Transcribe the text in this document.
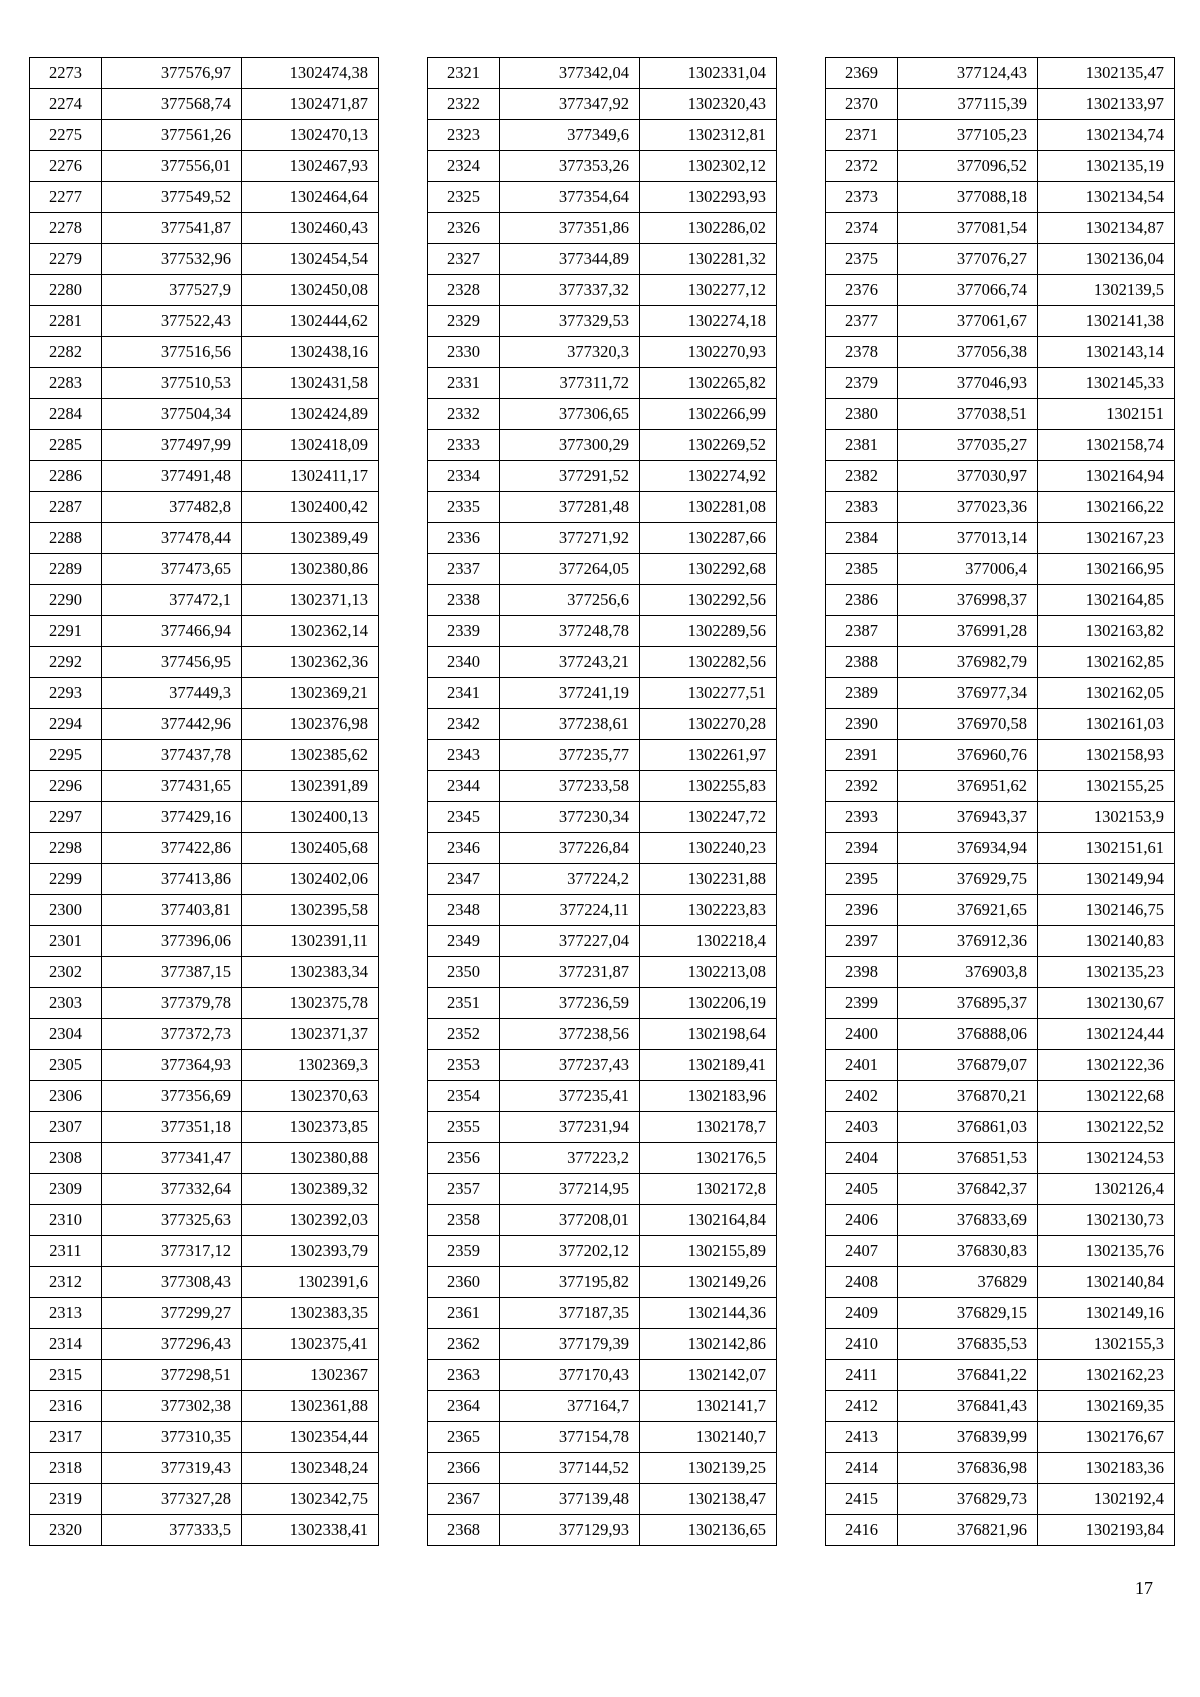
2273	377576,97	1302474,38
2274	377568,74	1302471,87
2275	377561,26	1302470,13
2276	377556,01	1302467,93
2277	377549,52	1302464,64
2278	377541,87	1302460,43
2279	377532,96	1302454,54
2280	377527,9	1302450,08
2281	377522,43	1302444,62
2282	377516,56	1302438,16
2283	377510,53	1302431,58
2284	377504,34	1302424,89
2285	377497,99	1302418,09
2286	377491,48	1302411,17
2287	377482,8	1302400,42
2288	377478,44	1302389,49
2289	377473,65	1302380,86
2290	377472,1	1302371,13
2291	377466,94	1302362,14
2292	377456,95	1302362,36
2293	377449,3	1302369,21
2294	377442,96	1302376,98
2295	377437,78	1302385,62
2296	377431,65	1302391,89
2297	377429,16	1302400,13
2298	377422,86	1302405,68
2299	377413,86	1302402,06
2300	377403,81	1302395,58
2301	377396,06	1302391,11
2302	377387,15	1302383,34
2303	377379,78	1302375,78
2304	377372,73	1302371,37
2305	377364,93	1302369,3
2306	377356,69	1302370,63
2307	377351,18	1302373,85
2308	377341,47	1302380,88
2309	377332,64	1302389,32
2310	377325,63	1302392,03
2311	377317,12	1302393,79
2312	377308,43	1302391,6
2313	377299,27	1302383,35
2314	377296,43	1302375,41
2315	377298,51	1302367
2316	377302,38	1302361,88
2317	377310,35	1302354,44
2318	377319,43	1302348,24
2319	377327,28	1302342,75
2320	377333,5	1302338,41
2321	377342,04	1302331,04
2322	377347,92	1302320,43
2323	377349,6	1302312,81
2324	377353,26	1302302,12
2325	377354,64	1302293,93
2326	377351,86	1302286,02
2327	377344,89	1302281,32
2328	377337,32	1302277,12
2329	377329,53	1302274,18
2330	377320,3	1302270,93
2331	377311,72	1302265,82
2332	377306,65	1302266,99
2333	377300,29	1302269,52
2334	377291,52	1302274,92
2335	377281,48	1302281,08
2336	377271,92	1302287,66
2337	377264,05	1302292,68
2338	377256,6	1302292,56
2339	377248,78	1302289,56
2340	377243,21	1302282,56
2341	377241,19	1302277,51
2342	377238,61	1302270,28
2343	377235,77	1302261,97
2344	377233,58	1302255,83
2345	377230,34	1302247,72
2346	377226,84	1302240,23
2347	377224,2	1302231,88
2348	377224,11	1302223,83
2349	377227,04	1302218,4
2350	377231,87	1302213,08
2351	377236,59	1302206,19
2352	377238,56	1302198,64
2353	377237,43	1302189,41
2354	377235,41	1302183,96
2355	377231,94	1302178,7
2356	377223,2	1302176,5
2357	377214,95	1302172,8
2358	377208,01	1302164,84
2359	377202,12	1302155,89
2360	377195,82	1302149,26
2361	377187,35	1302144,36
2362	377179,39	1302142,86
2363	377170,43	1302142,07
2364	377164,7	1302141,7
2365	377154,78	1302140,7
2366	377144,52	1302139,25
2367	377139,48	1302138,47
2368	377129,93	1302136,65
2369	377124,43	1302135,47
2370	377115,39	1302133,97
2371	377105,23	1302134,74
2372	377096,52	1302135,19
2373	377088,18	1302134,54
2374	377081,54	1302134,87
2375	377076,27	1302136,04
2376	377066,74	1302139,5
2377	377061,67	1302141,38
2378	377056,38	1302143,14
2379	377046,93	1302145,33
2380	377038,51	1302151
2381	377035,27	1302158,74
2382	377030,97	1302164,94
2383	377023,36	1302166,22
2384	377013,14	1302167,23
2385	377006,4	1302166,95
2386	376998,37	1302164,85
2387	376991,28	1302163,82
2388	376982,79	1302162,85
2389	376977,34	1302162,05
2390	376970,58	1302161,03
2391	376960,76	1302158,93
2392	376951,62	1302155,25
2393	376943,37	1302153,9
2394	376934,94	1302151,61
2395	376929,75	1302149,94
2396	376921,65	1302146,75
2397	376912,36	1302140,83
2398	376903,8	1302135,23
2399	376895,37	1302130,67
2400	376888,06	1302124,44
2401	376879,07	1302122,36
2402	376870,21	1302122,68
2403	376861,03	1302122,52
2404	376851,53	1302124,53
2405	376842,37	1302126,4
2406	376833,69	1302130,73
2407	376830,83	1302135,76
2408	376829	1302140,84
2409	376829,15	1302149,16
2410	376835,53	1302155,3
2411	376841,22	1302162,23
2412	376841,43	1302169,35
2413	376839,99	1302176,67
2414	376836,98	1302183,36
2415	376829,73	1302192,4
2416	376821,96	1302193,84
17
